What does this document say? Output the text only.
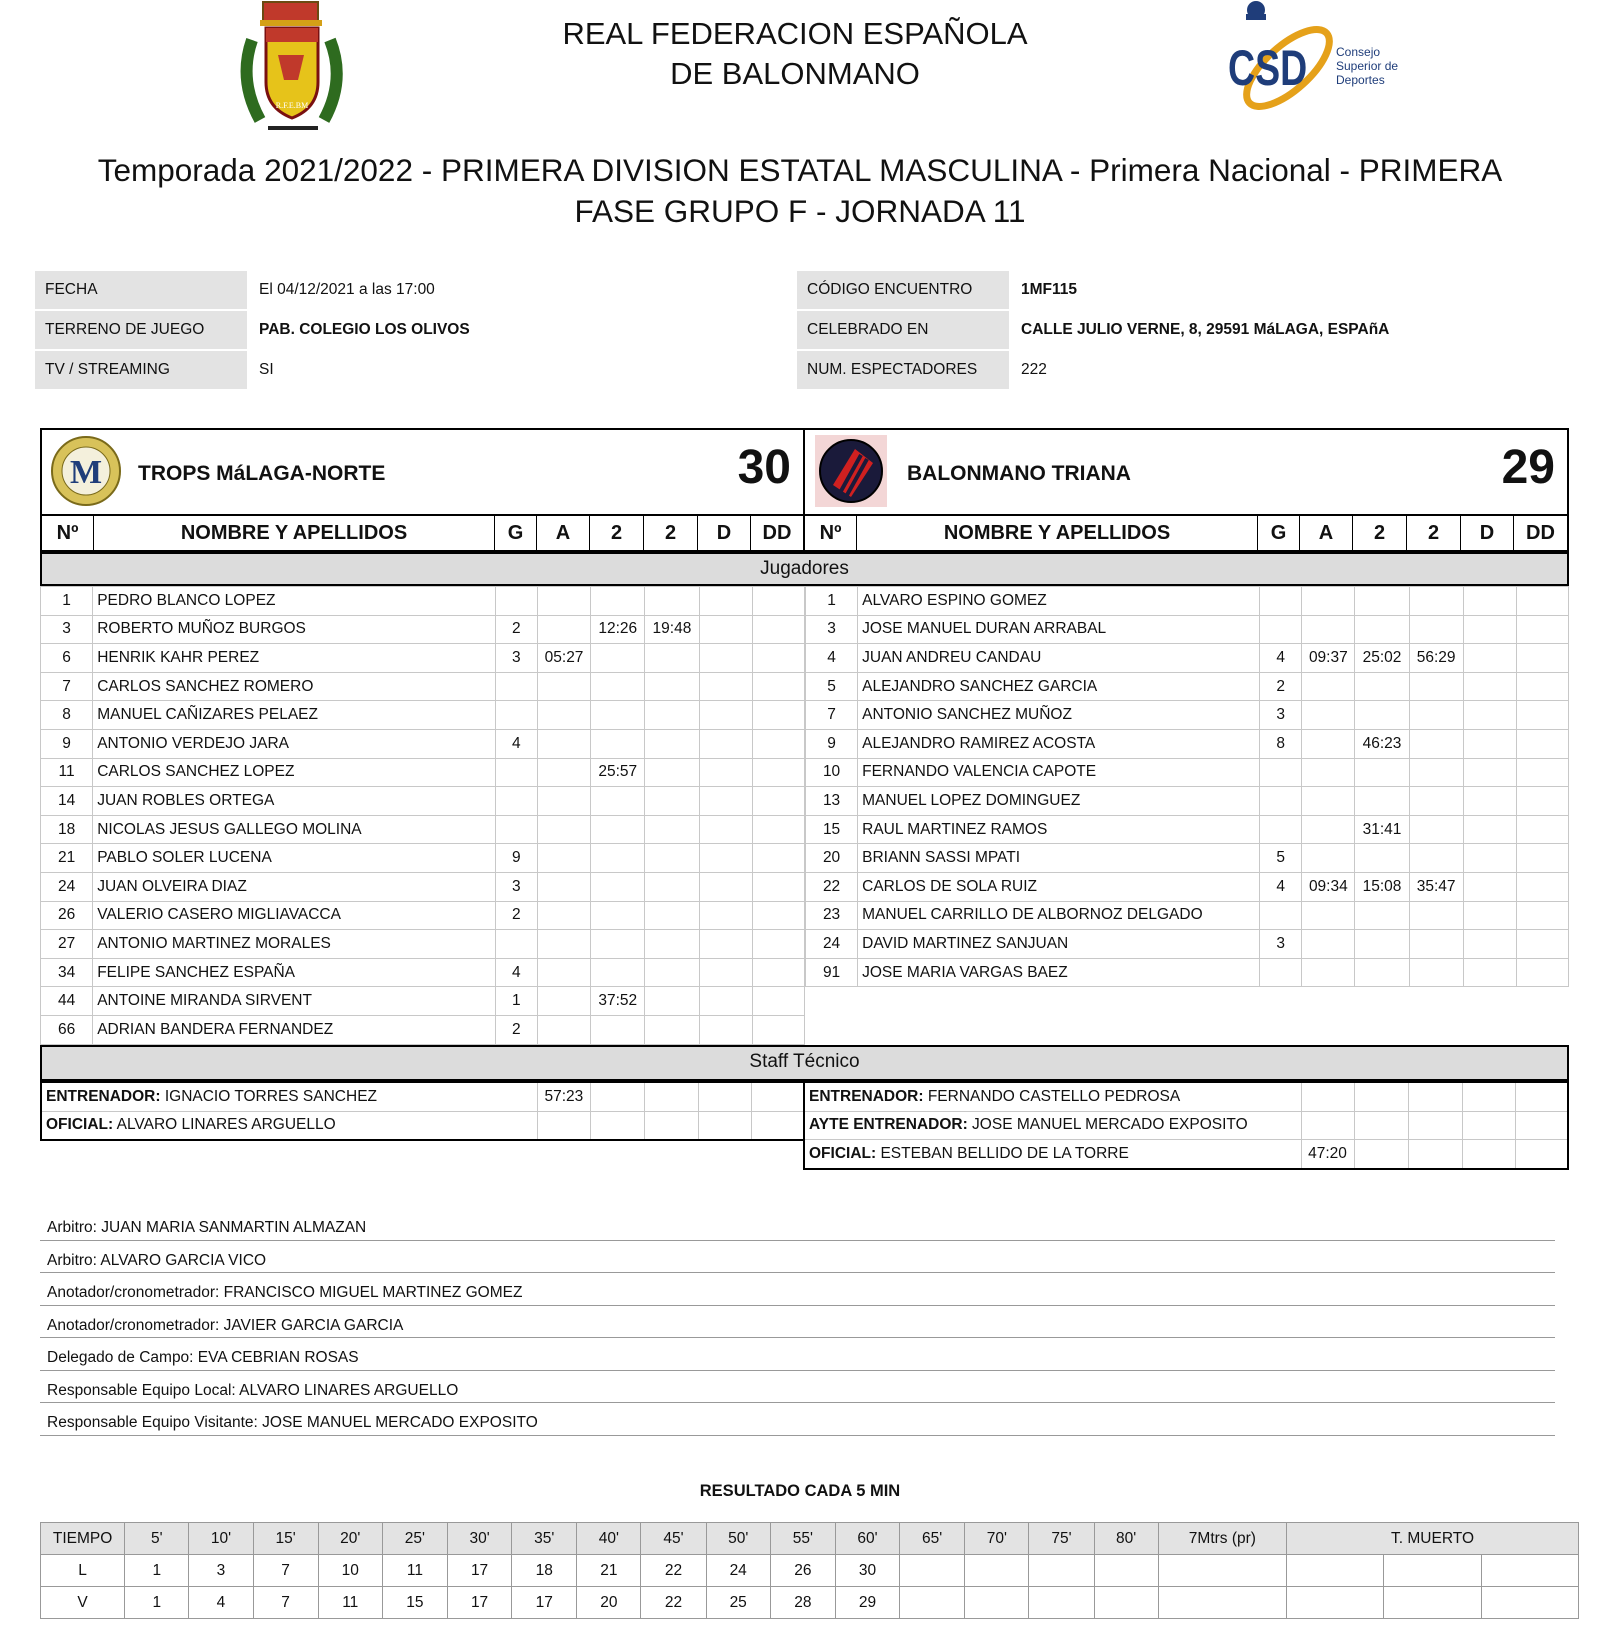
R.F.E.BM
REAL FEDERACION ESPAÑOLA
DE BALONMANO	CSD Consejo
Superior de
Deportes
Temporada 2021/2022 - PRIMERA DIVISION ESTATAL MASCULINA - Primera Nacional - PRIMERA
FASE GRUPO F - JORNADA 11
FECHA	El 04/12/2021 a las 17:00
TERRENO DE JUEGO	PAB. COLEGIO LOS OLIVOS
TV / STREAMING	SI
CÓDIGO ENCUENTRO	1MF115
CELEBRADO EN	CALLE JULIO VERNE, 8, 29591 MáLAGA, ESPAñA
NUM. ESPECTADORES	222
M TROPS MáLAGA-NORTE	30	BALONMANO TRIANA	29
Nº	NOMBRE Y APELLIDOS	G	A	2	2	D	DD	Nº	NOMBRE Y APELLIDOS	G	A	2	2	D	DD
Jugadores
1	PEDRO BLANCO LOPEZ						
3	ROBERTO MUÑOZ BURGOS	2		12:26	19:48		
6	HENRIK KAHR PEREZ	3	05:27				
7	CARLOS SANCHEZ ROMERO						
8	MANUEL CAÑIZARES PELAEZ						
9	ANTONIO VERDEJO JARA	4					
11	CARLOS SANCHEZ LOPEZ			25:57			
14	JUAN ROBLES ORTEGA						
18	NICOLAS JESUS GALLEGO MOLINA						
21	PABLO SOLER LUCENA	9					
24	JUAN OLVEIRA DIAZ	3					
26	VALERIO CASERO MIGLIAVACCA	2					
27	ANTONIO MARTINEZ MORALES						
34	FELIPE SANCHEZ ESPAÑA	4					
44	ANTOINE MIRANDA SIRVENT	1		37:52			
66	ADRIAN BANDERA FERNANDEZ	2					
1	ALVARO ESPINO GOMEZ						
3	JOSE MANUEL DURAN ARRABAL						
4	JUAN ANDREU CANDAU	4	09:37	25:02	56:29		
5	ALEJANDRO SANCHEZ GARCIA	2					
7	ANTONIO SANCHEZ MUÑOZ	3					
9	ALEJANDRO RAMIREZ ACOSTA	8		46:23			
10	FERNANDO VALENCIA CAPOTE						
13	MANUEL LOPEZ DOMINGUEZ						
15	RAUL MARTINEZ RAMOS			31:41			
20	BRIANN SASSI MPATI	5					
22	CARLOS DE SOLA RUIZ	4	09:34	15:08	35:47		
23	MANUEL CARRILLO DE ALBORNOZ DELGADO						
24	DAVID MARTINEZ SANJUAN	3					
91	JOSE MARIA VARGAS BAEZ						
Staff Técnico
ENTRENADOR: IGNACIO TORRES SANCHEZ	57:23				
OFICIAL: ALVARO LINARES ARGUELLO					
ENTRENADOR: FERNANDO CASTELLO PEDROSA					
AYTE ENTRENADOR: JOSE MANUEL MERCADO EXPOSITO					
OFICIAL: ESTEBAN BELLIDO DE LA TORRE	47:20				
Arbitro: JUAN MARIA SANMARTIN ALMAZAN
Arbitro: ALVARO GARCIA VICO
Anotador/cronometrador: FRANCISCO MIGUEL MARTINEZ GOMEZ
Anotador/cronometrador: JAVIER GARCIA GARCIA
Delegado de Campo: EVA CEBRIAN ROSAS
Responsable Equipo Local: ALVARO LINARES ARGUELLO
Responsable Equipo Visitante: JOSE MANUEL MERCADO EXPOSITO
RESULTADO CADA 5 MIN
TIEMPO	5'	10'	15'	20'	25'	30'	35'	40'	45'	50'	55'	60'	65'	70'	75'	80'	7Mtrs (pr)	T. MUERTO		
L	1	3	7	10	11	17	18	21	22	24	26	30								
V	1	4	7	11	15	17	17	20	22	25	28	29								
